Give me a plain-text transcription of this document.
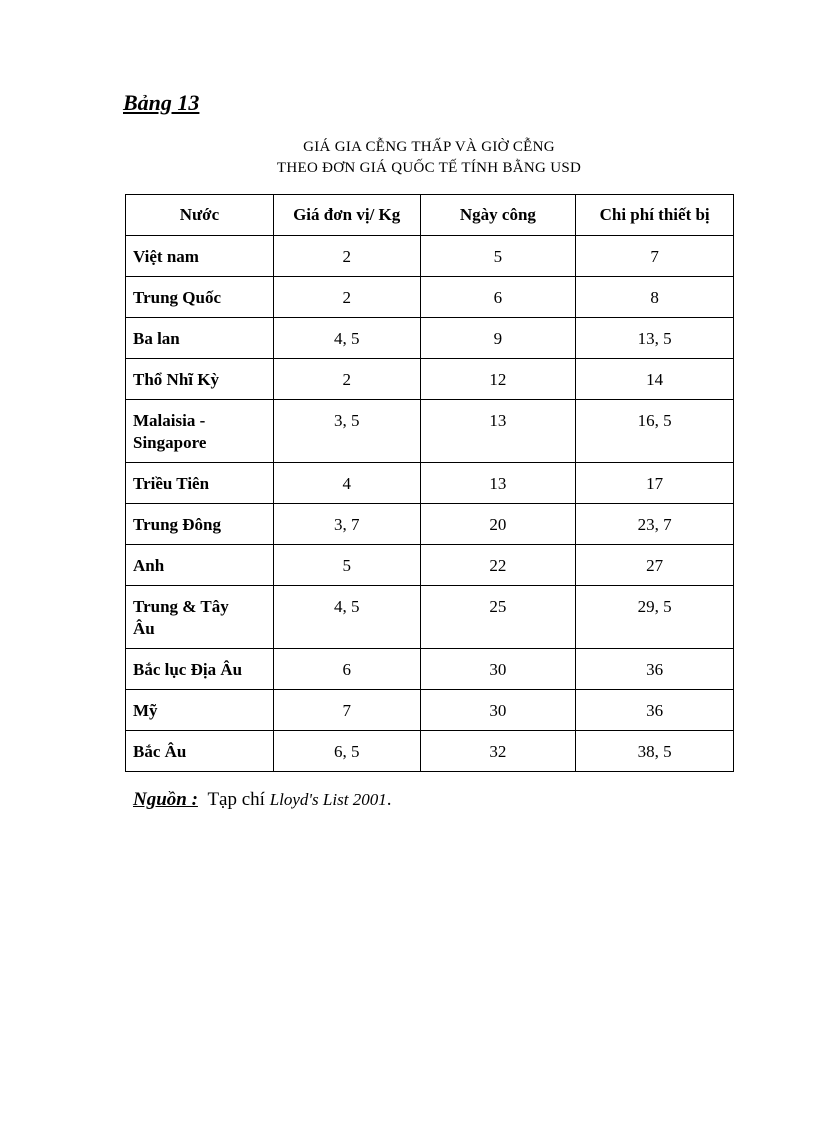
Bảng 13
GIÁ GIA CỄNG THẤP VÀ GIỜ CỄNG
THEO ĐƠN GIÁ QUỐC TẾ TÍNH BẰNG USD
Nước	Giá đơn vị/ Kg	Ngày công	Chi phí thiết bị
Việt nam	2	5	7
Trung Quốc	2	6	8
Ba lan	4, 5	9	13, 5
Thổ Nhĩ Kỳ	2	12	14
Malaisia -
Singapore	3, 5	13	16, 5
Triều Tiên	4	13	17
Trung Đông	3, 7	20	23, 7
Anh	5	22	27
Trung & Tây
Âu	4, 5	25	29, 5
Bắc lục Địa Âu	6	30	36
Mỹ	7	30	36
Bắc Âu	6, 5	32	38, 5
Nguồn : Tạp chí Lloyd's List 2001.
